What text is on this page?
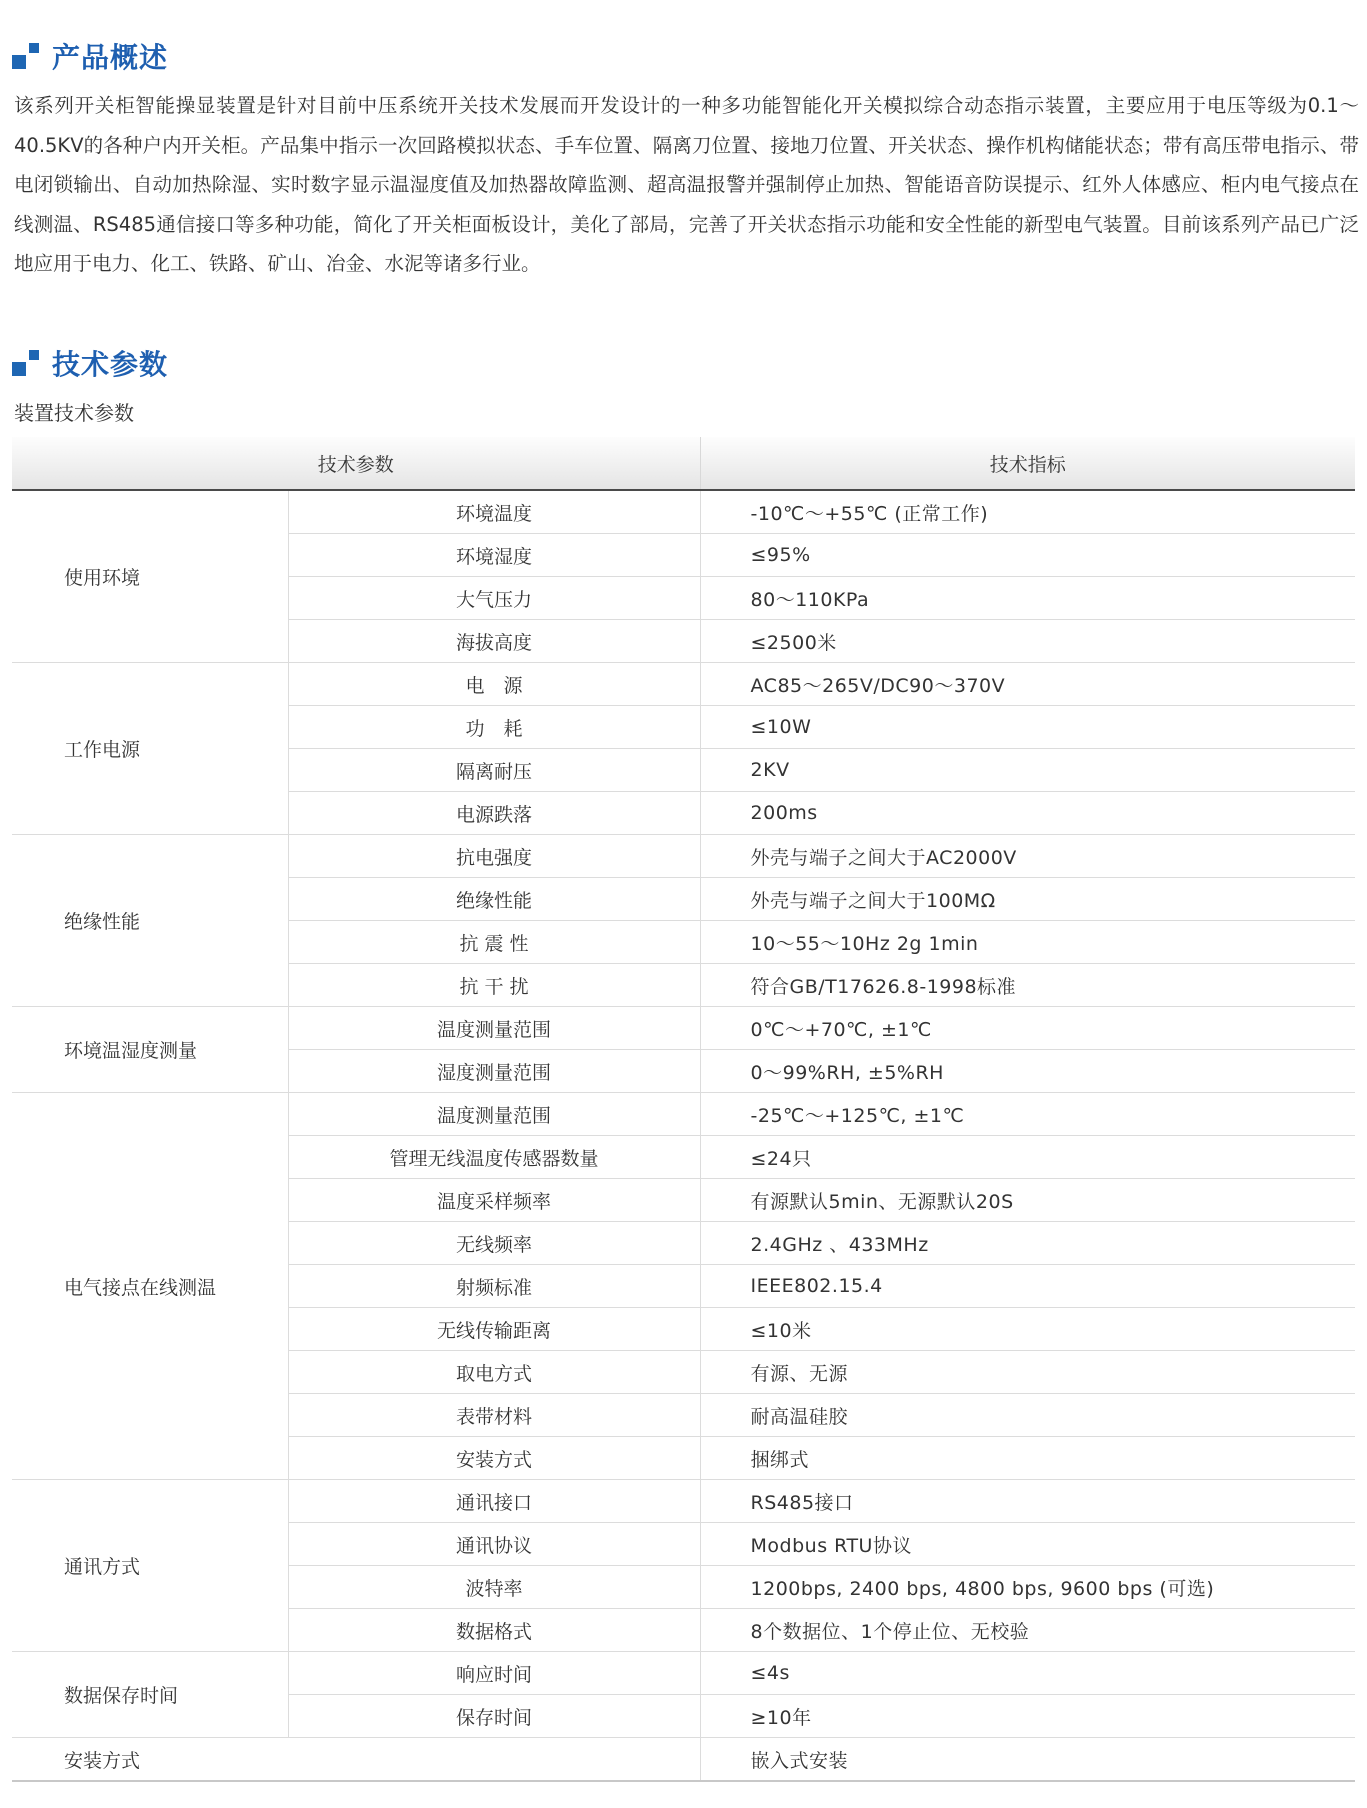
产品概述

该系列开关柜智能操显装置是针对目前中压系统开关技术发展而开发设计的一种多功能智能化开关模拟综合动态指示装置，主要应用于电压等级为0.1～40.5KV的各种户内开关柜。产品集中指示一次回路模拟状态、手车位置、隔离刀位置、接地刀位置、开关状态、操作机构储能状态；带有高压带电指示、带电闭锁输出、自动加热除湿、实时数字显示温湿度值及加热器故障监测、超高温报警并强制停止加热、智能语音防误提示、红外人体感应、柜内电气接点在线测温、RS485通信接口等多种功能，简化了开关柜面板设计，美化了部局，完善了开关状态指示功能和安全性能的新型电气装置。目前该系列产品已广泛地应用于电力、化工、铁路、矿山、冶金、水泥等诸多行业。

技术参数
装置技术参数
技术参数		技术指标
使用环境	环境温度	-10℃～+55℃ (正常工作)
	环境湿度	≤95%
	大气压力	80～110KPa
	海拔高度	≤2500米
工作电源	电　源	AC85～265V/DC90～370V
	功　耗	≤10W
	隔离耐压	2KV
	电源跌落	200ms
绝缘性能	抗电强度	外壳与端子之间大于AC2000V
	绝缘性能	外壳与端子之间大于100MΩ
	抗 震 性	10～55～10Hz 2g 1min
	抗 干 扰	符合GB/T17626.8-1998标准
环境温湿度测量	温度测量范围	0℃～+70℃, ±1℃
	湿度测量范围	0～99%RH, ±5%RH
电气接点在线测温	温度测量范围	-25℃～+125℃, ±1℃
	管理无线温度传感器数量	≤24只
	温度采样频率	有源默认5min、无源默认20S
	无线频率	2.4GHz 、433MHz
	射频标准	IEEE802.15.4
	无线传输距离	≤10米
	取电方式	有源、无源
	表带材料	耐高温硅胶
	安装方式	捆绑式
通讯方式	通讯接口	RS485接口
	通讯协议	Modbus RTU协议
	波特率	1200bps, 2400 bps, 4800 bps, 9600 bps (可选)
	数据格式	8个数据位、1个停止位、无校验
数据保存时间	响应时间	≤4s
	保存时间	≥10年
安装方式		嵌入式安装
